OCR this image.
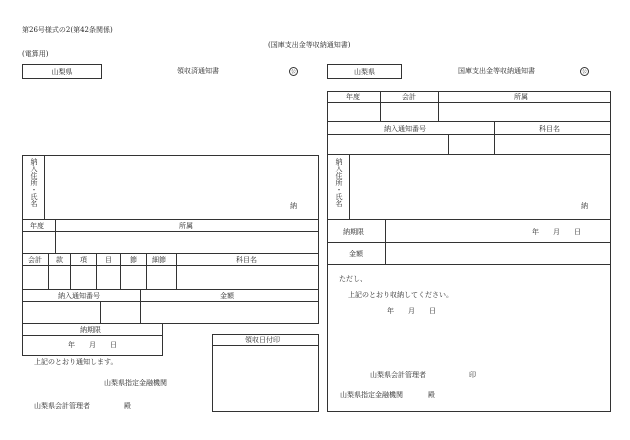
第26号様式の2(第42条関係)
(国庫支出金等収納通知書)
(電算用)
山梨県	領収済通知書	公
納入住所・氏名	納
年度	所属
会計 款 項	目	節 細節	科目名
納入通知番号	金額
納期限
年　　月　　日
領収日付印
上記のとおり通知します。
山梨県指定金融機関
山梨県会計管理者	殿
山梨県	国庫支出金等収納通知書	公
年度	会計	所属
納入通知番号	科目名
納入住所・氏名	納
納期限	年　　月　　日
金額
ただし、
上記のとおり収納してください。
年　　月　　日
山梨県会計管理者	印
山梨県指定金融機関	殿
